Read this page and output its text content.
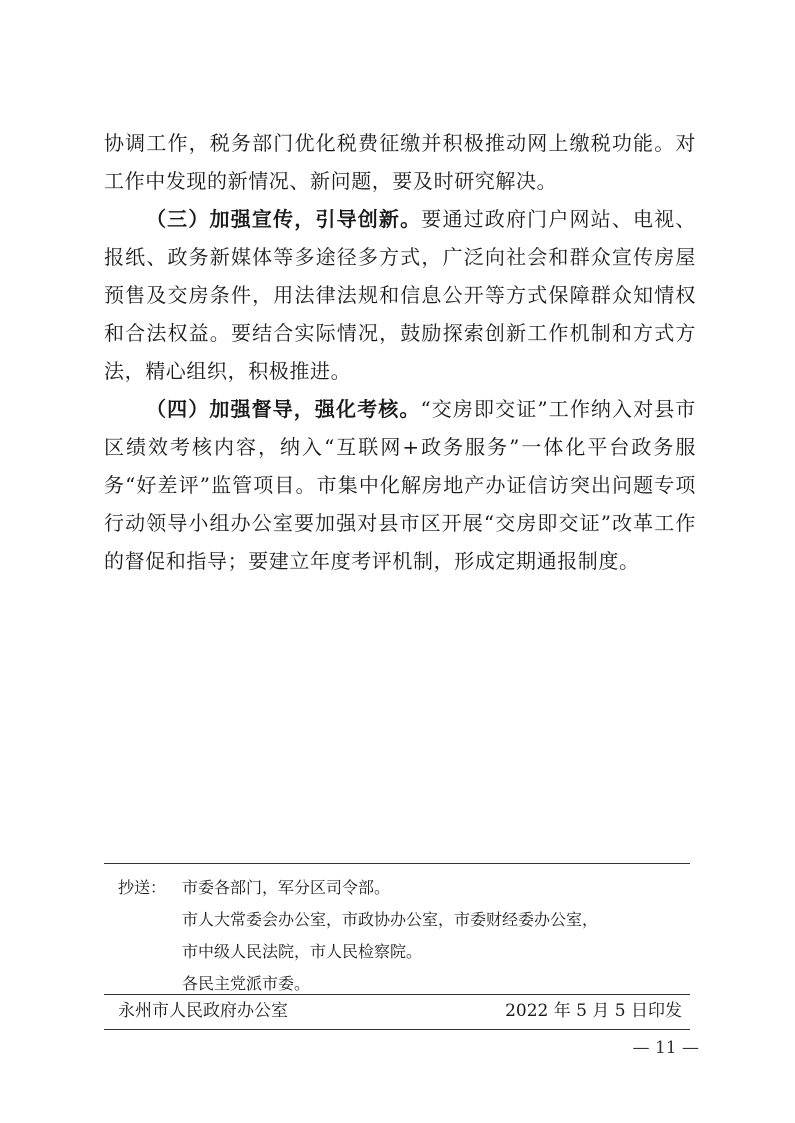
协调工作，税务部门优化税费征缴并积极推动网上缴税功能。对工作中发现的新情况、新问题，要及时研究解决。

（三）加强宣传，引导创新。要通过政府门户网站、电视、报纸、政务新媒体等多途径多方式，广泛向社会和群众宣传房屋预售及交房条件，用法律法规和信息公开等方式保障群众知情权和合法权益。要结合实际情况，鼓励探索创新工作机制和方式方法，精心组织，积极推进。

（四）加强督导，强化考核。“交房即交证”工作纳入对县市区绩效考核内容，纳入“互联网+政务服务”一体化平台政务服务“好差评”监管项目。市集中化解房地产办证信访突出问题专项行动领导小组办公室要加强对县市区开展“交房即交证”改革工作的督促和指导；要建立年度考评机制，形成定期通报制度。

抄送： 市委各部门，军分区司令部。
市人大常委会办公室，市政协办公室，市委财经委办公室，
市中级人民法院，市人民检察院。
各民主党派市委。
永州市人民政府办公室	2022 年 5 月 5 日印发
— 11 —
